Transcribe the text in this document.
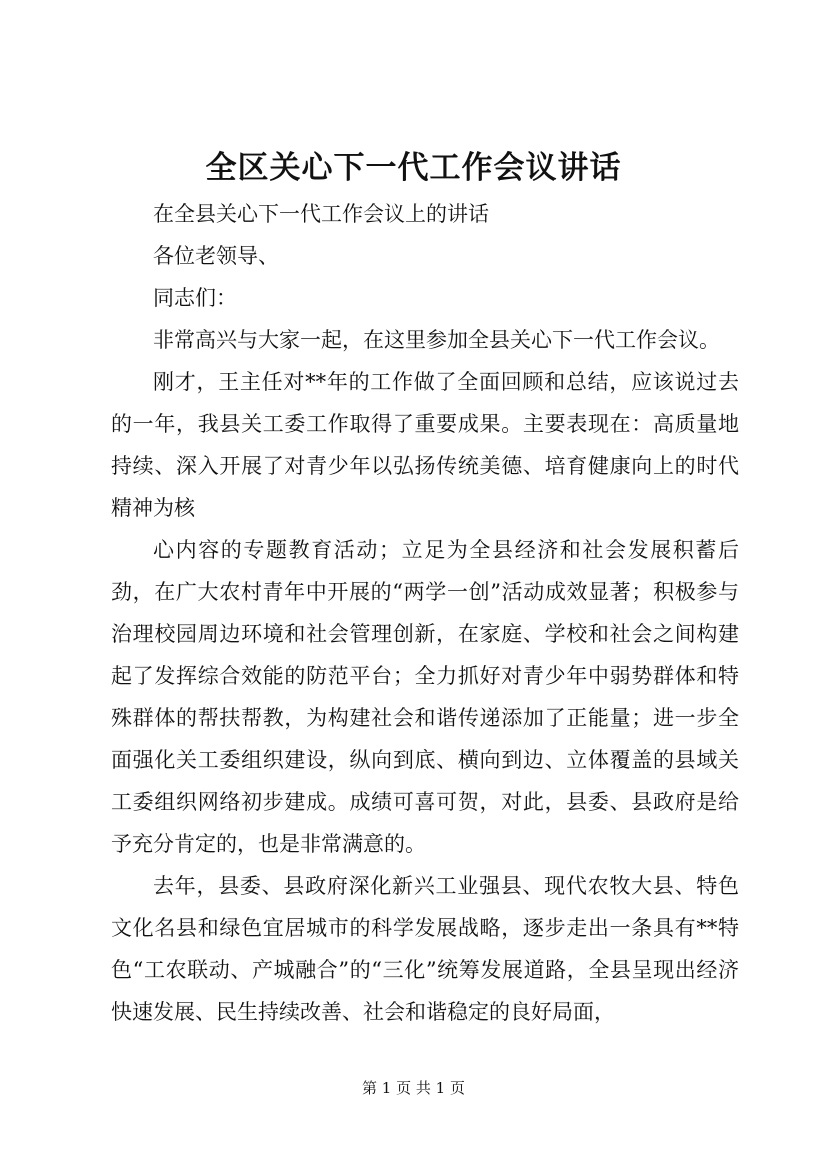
全区关心下一代工作会议讲话

在全县关心下一代工作会议上的讲话

各位老领导、

同志们：

非常高兴与大家一起，在这里参加全县关心下一代工作会议。

刚才，王主任对**年的工作做了全面回顾和总结，应该说过去的一年，我县关工委工作取得了重要成果。主要表现在：高质量地持续、深入开展了对青少年以弘扬传统美德、培育健康向上的时代精神为核

心内容的专题教育活动；立足为全县经济和社会发展积蓄后劲，在广大农村青年中开展的“两学一创”活动成效显著；积极参与治理校园周边环境和社会管理创新，在家庭、学校和社会之间构建起了发挥综合效能的防范平台；全力抓好对青少年中弱势群体和特殊群体的帮扶帮教，为构建社会和谐传递添加了正能量；进一步全面强化关工委组织建设，纵向到底、横向到边、立体覆盖的县域关工委组织网络初步建成。成绩可喜可贺，对此，县委、县政府是给予充分肯定的，也是非常满意的。

去年，县委、县政府深化新兴工业强县、现代农牧大县、特色文化名县和绿色宜居城市的科学发展战略，逐步走出一条具有**特色“工农联动、产城融合”的“三化”统筹发展道路，全县呈现出经济快速发展、民生持续改善、社会和谐稳定的良好局面，

第 1 页 共 1 页
